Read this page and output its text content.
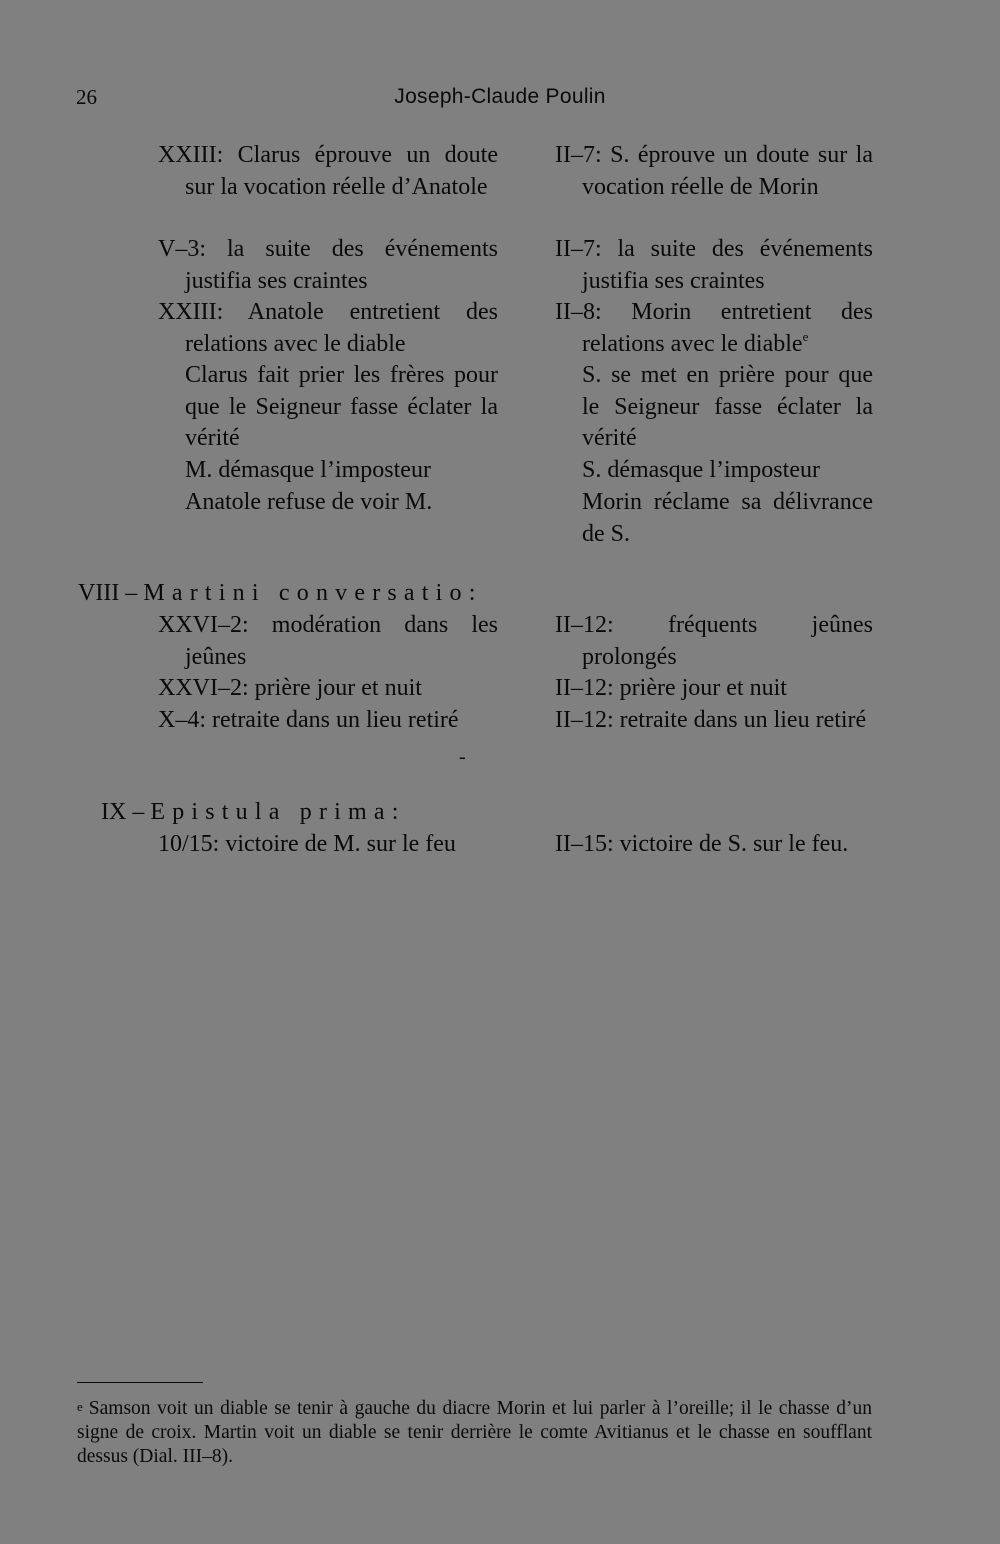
26	Joseph-Claude Poulin
XXIII: Clarus éprouve un doute sur la vocation réelle d’Anatole
V–3: la suite des événements justifia ses craintes
XXIII: Anatole entretient des relations avec le diable
Clarus fait prier les frères pour que le Seigneur fasse éclater la vérité
M. démasque l’imposteur
Anatole refuse de voir M.
II–7: S. éprouve un doute sur la vocation réelle de Morin
II–7: la suite des événements justifia ses craintes
II–8: Morin entretient des relations avec le diable$^e$
S. se met en prière pour que le Seigneur fasse éclater la vérité
S. démasque l’imposteur
Morin réclame sa délivrance de S.
VIII – Martini conversatio:
XXVI–2: modération dans les jeûnes
XXVI–2: prière jour et nuit
X–4: retraite dans un lieu retiré
-
II–12: fréquents jeûnes prolongés
II–12: prière jour et nuit
II–12: retraite dans un lieu retiré
IX – Epistula prima:
10/15: victoire de M. sur le feu	II–15: victoire de S. sur le feu.
e Samson voit un diable se tenir à gauche du diacre Morin et lui parler à l’oreille; il le chasse d’un signe de croix. Martin voit un diable se tenir derrière le comte Avitianus et le chasse en soufflant dessus (Dial. III–8).
